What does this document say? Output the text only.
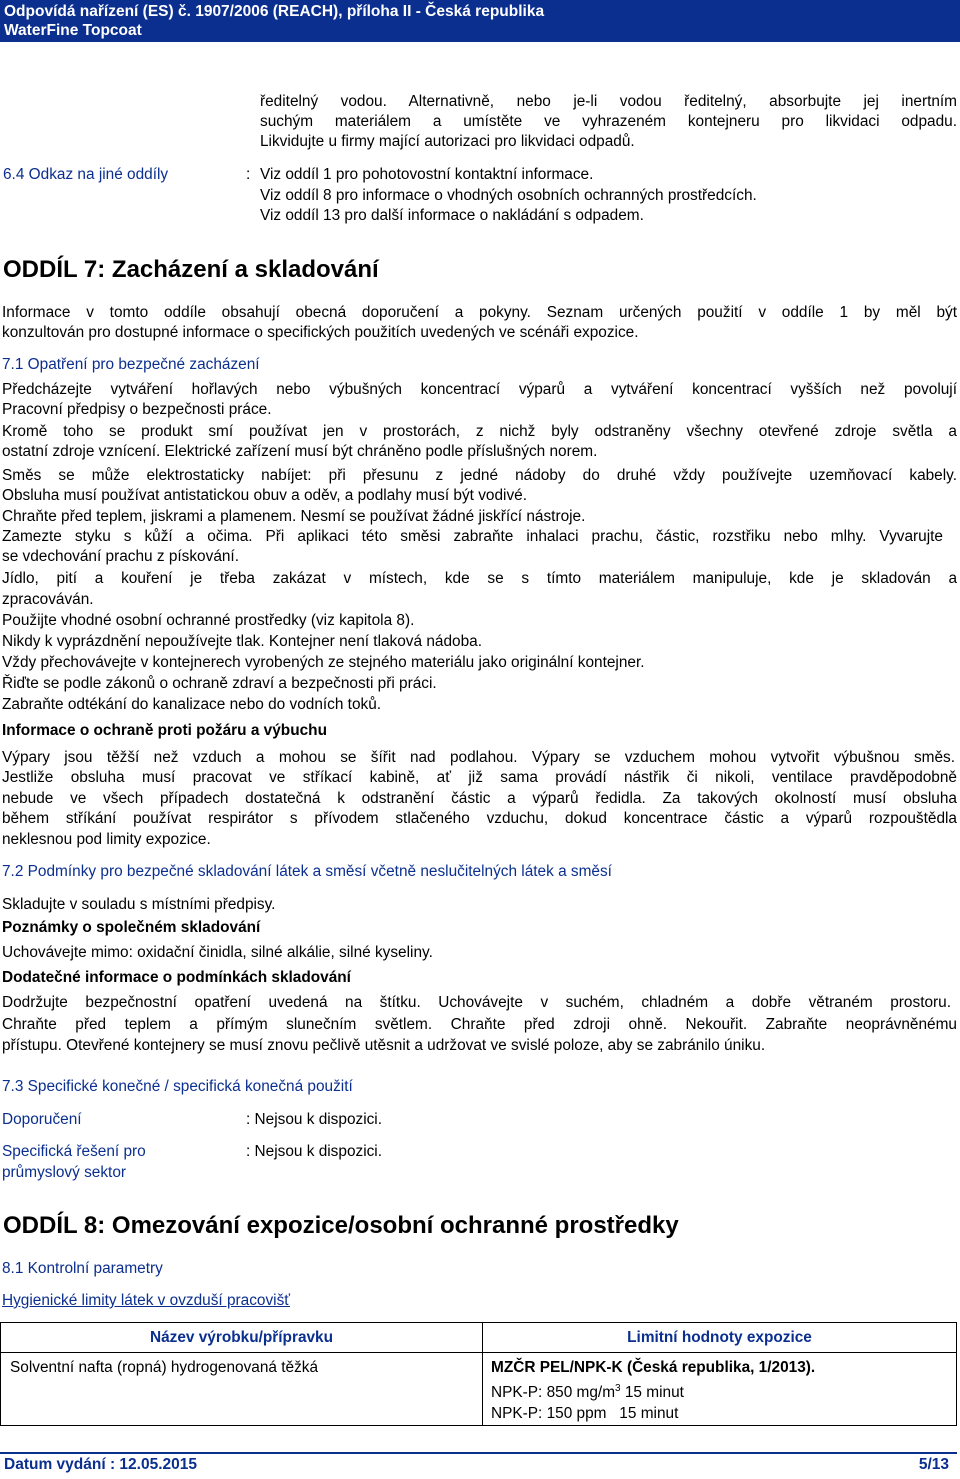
Odpovídá nařízení (ES) č. 1907/2006 (REACH), příloha II - Česká republika
WaterFine Topcoat
ředitelný vodou. Alternativně, nebo je-li vodou ředitelný, absorbujte jej inertním
suchým materiálem a umístěte ve vyhrazeném kontejneru pro likvidaci odpadu.
Likvidujte u firmy mající autorizaci pro likvidaci odpadů.
6.4 Odkaz na jiné oddíly	: Viz oddíl 1 pro pohotovostní kontaktní informace.
Viz oddíl 8 pro informace o vhodných osobních ochranných prostředcích.
Viz oddíl 13 pro další informace o nakládání s odpadem.
ODDÍL 7: Zacházení a skladování
Informace v tomto oddíle obsahují obecná doporučení a pokyny. Seznam určených použití v oddíle 1 by měl být
konzultován pro dostupné informace o specifických použitích uvedených ve scénáři expozice.
7.1 Opatření pro bezpečné zacházení
Předcházejte vytváření hořlavých nebo výbušných koncentrací výparů a vytváření koncentrací vyšších než povolují
Pracovní předpisy o bezpečnosti práce.
Kromě toho se produkt smí používat jen v prostorách, z nichž byly odstraněny všechny otevřené zdroje světla a
ostatní zdroje vznícení. Elektrické zařízení musí být chráněno podle příslušných norem.
Směs se může elektrostaticky nabíjet: při přesunu z jedné nádoby do druhé vždy používejte uzemňovací kabely.
Obsluha musí používat antistatickou obuv a oděv, a podlahy musí být vodivé.
Chraňte před teplem, jiskrami a plamenem. Nesmí se používat žádné jiskřící nástroje.
Zamezte styku s kůží a očima. Při aplikaci této směsi zabraňte inhalaci prachu, částic, rozstřiku nebo mlhy. Vyvarujte
se vdechování prachu z pískování.
Jídlo, pití a kouření je třeba zakázat v místech, kde se s tímto materiálem manipuluje, kde je skladován a
zpracováván.
Použijte vhodné osobní ochranné prostředky (viz kapitola 8).
Nikdy k vyprázdnění nepoužívejte tlak. Kontejner není tlaková nádoba.
Vždy přechovávejte v kontejnerech vyrobených ze stejného materiálu jako originální kontejner.
Řiďte se podle zákonů o ochraně zdraví a bezpečnosti při práci.
Zabraňte odtékání do kanalizace nebo do vodních toků.
Informace o ochraně proti požáru a výbuchu
Výpary jsou těžší než vzduch a mohou se šířit nad podlahou. Výpary se vzduchem mohou vytvořit výbušnou směs.
Jestliže obsluha musí pracovat ve stříkací kabině, ať již sama provádí nástřik či nikoli, ventilace pravděpodobně
nebude ve všech případech dostatečná k odstranění částic a výparů ředidla. Za takových okolností musí obsluha
během stříkání používat respirátor s přívodem stlačeného vzduchu, dokud koncentrace částic a výparů rozpouštědla
neklesnou pod limity expozice.
7.2 Podmínky pro bezpečné skladování látek a směsí včetně neslučitelných látek a směsí
Skladujte v souladu s místními předpisy.
Poznámky o společném skladování
Uchovávejte mimo: oxidační činidla, silné alkálie, silné kyseliny.
Dodatečné informace o podmínkách skladování
Dodržujte bezpečnostní opatření uvedená na štítku. Uchovávejte v suchém, chladném a dobře větraném prostoru.
Chraňte před teplem a přímým slunečním světlem. Chraňte před zdroji ohně. Nekouřit. Zabraňte neoprávněnému
přístupu. Otevřené kontejnery se musí znovu pečlivě utěsnit a udržovat ve svislé poloze, aby se zabránilo úniku.
7.3 Specifické konečné / specifická konečná použití
Doporučení	: Nejsou k dispozici.
Specifická řešení pro
průmyslový sektor
: Nejsou k dispozici.
ODDÍL 8: Omezování expozice/osobní ochranné prostředky
8.1 Kontrolní parametry
Hygienické limity látek v ovzduší pracovišť
Název výrobku/přípravku	Limitní hodnoty expozice
Solventní nafta (ropná) hydrogenovaná těžká	MZČR PEL/NPK-K (Česká republika, 1/2013).
NPK-P: 850 $mg/m^3$ 15 minut
NPK-P: 150 ppm   15 minut
Datum vydání : 12.05.2015	5/13
